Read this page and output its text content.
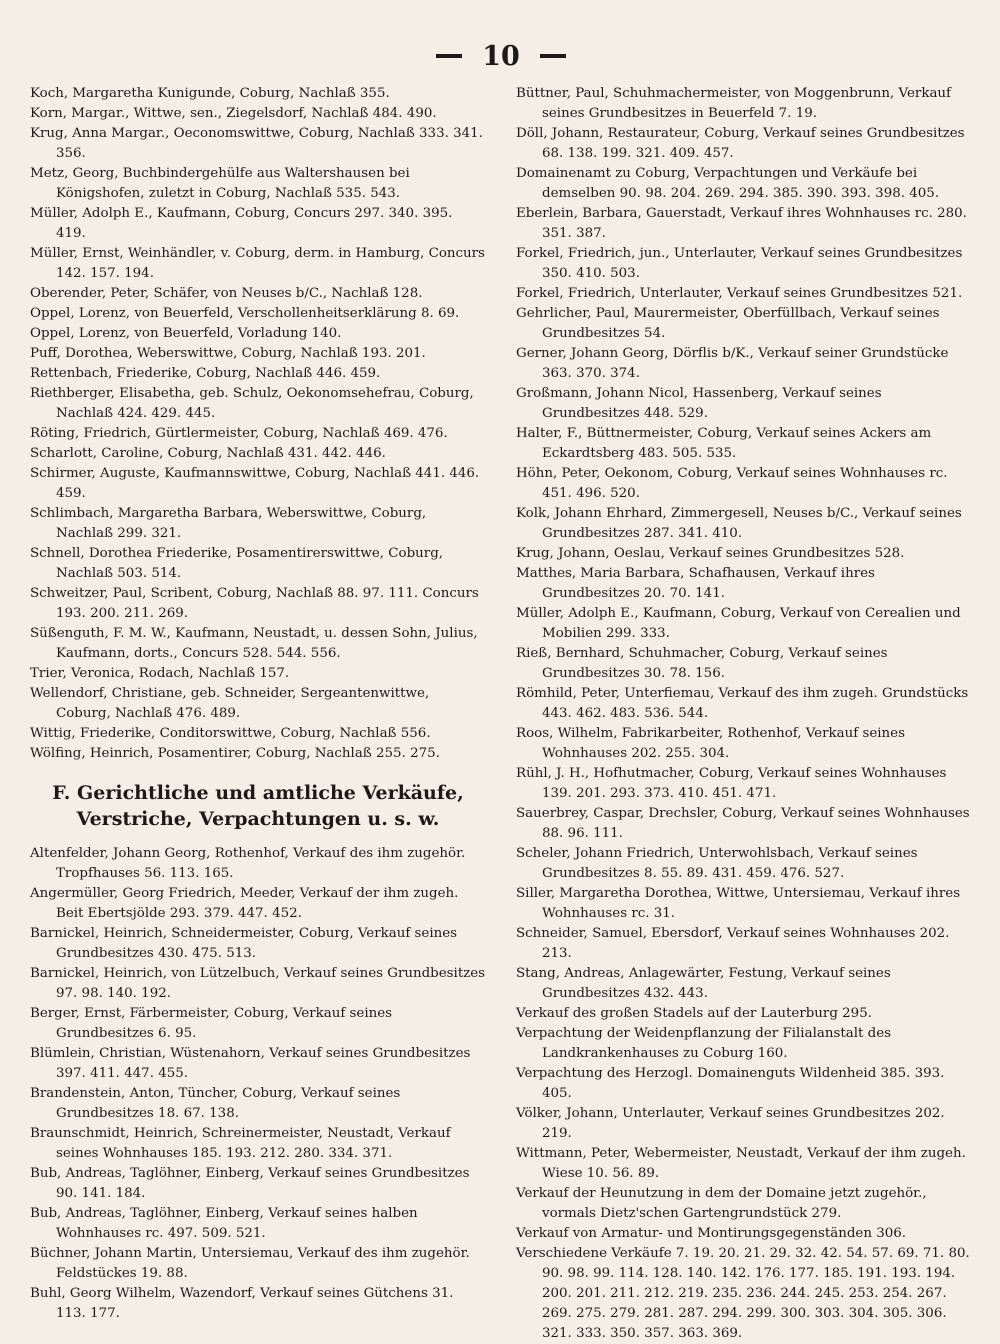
10

Koch, Margaretha Kunigunde, Coburg, Nachlaß 355.

Korn, Margar., Wittwe, sen., Ziegelsdorf, Nachlaß 484. 490.

Krug, Anna Margar., Oeconomswittwe, Coburg, Nachlaß 333. 341. 356.

Metz, Georg, Buchbindergehülfe aus Waltershausen bei Königshofen, zuletzt in Coburg, Nachlaß 535. 543.

Müller, Adolph E., Kaufmann, Coburg, Concurs 297. 340. 395. 419.

Müller, Ernst, Weinhändler, v. Coburg, derm. in Hamburg, Concurs 142. 157. 194.

Oberender, Peter, Schäfer, von Neuses b/C., Nachlaß 128.

Oppel, Lorenz, von Beuerfeld, Verschollenheitserklärung 8. 69.

Oppel, Lorenz, von Beuerfeld, Vorladung 140.

Puff, Dorothea, Weberswittwe, Coburg, Nachlaß 193. 201.

Rettenbach, Friederike, Coburg, Nachlaß 446. 459.

Riethberger, Elisabetha, geb. Schulz, Oekonomsehefrau, Coburg, Nachlaß 424. 429. 445.

Röting, Friedrich, Gürtlermeister, Coburg, Nachlaß 469. 476.

Scharlott, Caroline, Coburg, Nachlaß 431. 442. 446.

Schirmer, Auguste, Kaufmannswittwe, Coburg, Nachlaß 441. 446. 459.

Schlimbach, Margaretha Barbara, Weberswittwe, Coburg, Nachlaß 299. 321.

Schnell, Dorothea Friederike, Posamentirerswittwe, Coburg, Nachlaß 503. 514.

Schweitzer, Paul, Scribent, Coburg, Nachlaß 88. 97. 111. Concurs 193. 200. 211. 269.

Süßenguth, F. M. W., Kaufmann, Neustadt, u. dessen Sohn, Julius, Kaufmann, dorts., Concurs 528. 544. 556.

Trier, Veronica, Rodach, Nachlaß 157.

Wellendorf, Christiane, geb. Schneider, Sergeantenwittwe, Coburg, Nachlaß 476. 489.

Wittig, Friederike, Conditorswittwe, Coburg, Nachlaß 556.

Wölfing, Heinrich, Posamentirer, Coburg, Nachlaß 255. 275.

F. Gerichtliche und amtliche Verkäufe, Verstriche, Verpachtungen u. s. w.

Altenfelder, Johann Georg, Rothenhof, Verkauf des ihm zugehör. Tropfhauses 56. 113. 165.

Angermüller, Georg Friedrich, Meeder, Verkauf der ihm zugeh. Beit Ebertsjölde 293. 379. 447. 452.

Barnickel, Heinrich, Schneidermeister, Coburg, Verkauf seines Grundbesitzes 430. 475. 513.

Barnickel, Heinrich, von Lützelbuch, Verkauf seines Grundbesitzes 97. 98. 140. 192.

Berger, Ernst, Färbermeister, Coburg, Verkauf seines Grundbesitzes 6. 95.

Blümlein, Christian, Wüstenahorn, Verkauf seines Grundbesitzes 397. 411. 447. 455.

Brandenstein, Anton, Tüncher, Coburg, Verkauf seines Grundbesitzes 18. 67. 138.

Braunschmidt, Heinrich, Schreinermeister, Neustadt, Verkauf seines Wohnhauses 185. 193. 212. 280. 334. 371.

Bub, Andreas, Taglöhner, Einberg, Verkauf seines Grundbesitzes 90. 141. 184.

Bub, Andreas, Taglöhner, Einberg, Verkauf seines halben Wohnhauses rc. 497. 509. 521.

Büchner, Johann Martin, Untersiemau, Verkauf des ihm zugehör. Feldstückes 19. 88.

Buhl, Georg Wilhelm, Wazendorf, Verkauf seines Gütchens 31. 113. 177.

Büttner, Paul, Schuhmachermeister, von Moggenbrunn, Verkauf seines Grundbesitzes in Beuerfeld 7. 19.

Döll, Johann, Restaurateur, Coburg, Verkauf seines Grundbesitzes 68. 138. 199. 321. 409. 457.

Domainenamt zu Coburg, Verpachtungen und Verkäufe bei demselben 90. 98. 204. 269. 294. 385. 390. 393. 398. 405.

Eberlein, Barbara, Gauerstadt, Verkauf ihres Wohnhauses rc. 280. 351. 387.

Forkel, Friedrich, jun., Unterlauter, Verkauf seines Grundbesitzes 350. 410. 503.

Forkel, Friedrich, Unterlauter, Verkauf seines Grundbesitzes 521.

Gehrlicher, Paul, Maurermeister, Oberfüllbach, Verkauf seines Grundbesitzes 54.

Gerner, Johann Georg, Dörflis b/K., Verkauf seiner Grundstücke 363. 370. 374.

Großmann, Johann Nicol, Hassenberg, Verkauf seines Grundbesitzes 448. 529.

Halter, F., Büttnermeister, Coburg, Verkauf seines Ackers am Eckardtsberg 483. 505. 535.

Höhn, Peter, Oekonom, Coburg, Verkauf seines Wohnhauses rc. 451. 496. 520.

Kolk, Johann Ehrhard, Zimmergesell, Neuses b/C., Verkauf seines Grundbesitzes 287. 341. 410.

Krug, Johann, Oeslau, Verkauf seines Grundbesitzes 528.

Matthes, Maria Barbara, Schafhausen, Verkauf ihres Grundbesitzes 20. 70. 141.

Müller, Adolph E., Kaufmann, Coburg, Verkauf von Cerealien und Mobilien 299. 333.

Rieß, Bernhard, Schuhmacher, Coburg, Verkauf seines Grundbesitzes 30. 78. 156.

Römhild, Peter, Unterfiemau, Verkauf des ihm zugeh. Grundstücks 443. 462. 483. 536. 544.

Roos, Wilhelm, Fabrikarbeiter, Rothenhof, Verkauf seines Wohnhauses 202. 255. 304.

Rühl, J. H., Hofhutmacher, Coburg, Verkauf seines Wohnhauses 139. 201. 293. 373. 410. 451. 471.

Sauerbrey, Caspar, Drechsler, Coburg, Verkauf seines Wohnhauses 88. 96. 111.

Scheler, Johann Friedrich, Unterwohlsbach, Verkauf seines Grundbesitzes 8. 55. 89. 431. 459. 476. 527.

Siller, Margaretha Dorothea, Wittwe, Untersiemau, Verkauf ihres Wohnhauses rc. 31.

Schneider, Samuel, Ebersdorf, Verkauf seines Wohnhauses 202. 213.

Stang, Andreas, Anlagewärter, Festung, Verkauf seines Grundbesitzes 432. 443.

Verkauf des großen Stadels auf der Lauterburg 295.

Verpachtung der Weidenpflanzung der Filialanstalt des Landkrankenhauses zu Coburg 160.

Verpachtung des Herzogl. Domainenguts Wildenheid 385. 393. 405.

Völker, Johann, Unterlauter, Verkauf seines Grundbesitzes 202. 219.

Wittmann, Peter, Webermeister, Neustadt, Verkauf der ihm zugeh. Wiese 10. 56. 89.

Verkauf der Heunutzung in dem der Domaine jetzt zugehör., vormals Dietz'schen Gartengrundstück 279.

Verkauf von Armatur- und Montirungsgegenständen 306.

Verschiedene Verkäufe 7. 19. 20. 21. 29. 32. 42. 54. 57. 69. 71. 80. 90. 98. 99. 114. 128. 140. 142. 176. 177. 185. 191. 193. 194. 200. 201. 211. 212. 219. 235. 236. 244. 245. 253. 254. 267. 269. 275. 279. 281. 287. 294. 299. 300. 303. 304. 305. 306. 321. 333. 350. 357. 363. 369.
